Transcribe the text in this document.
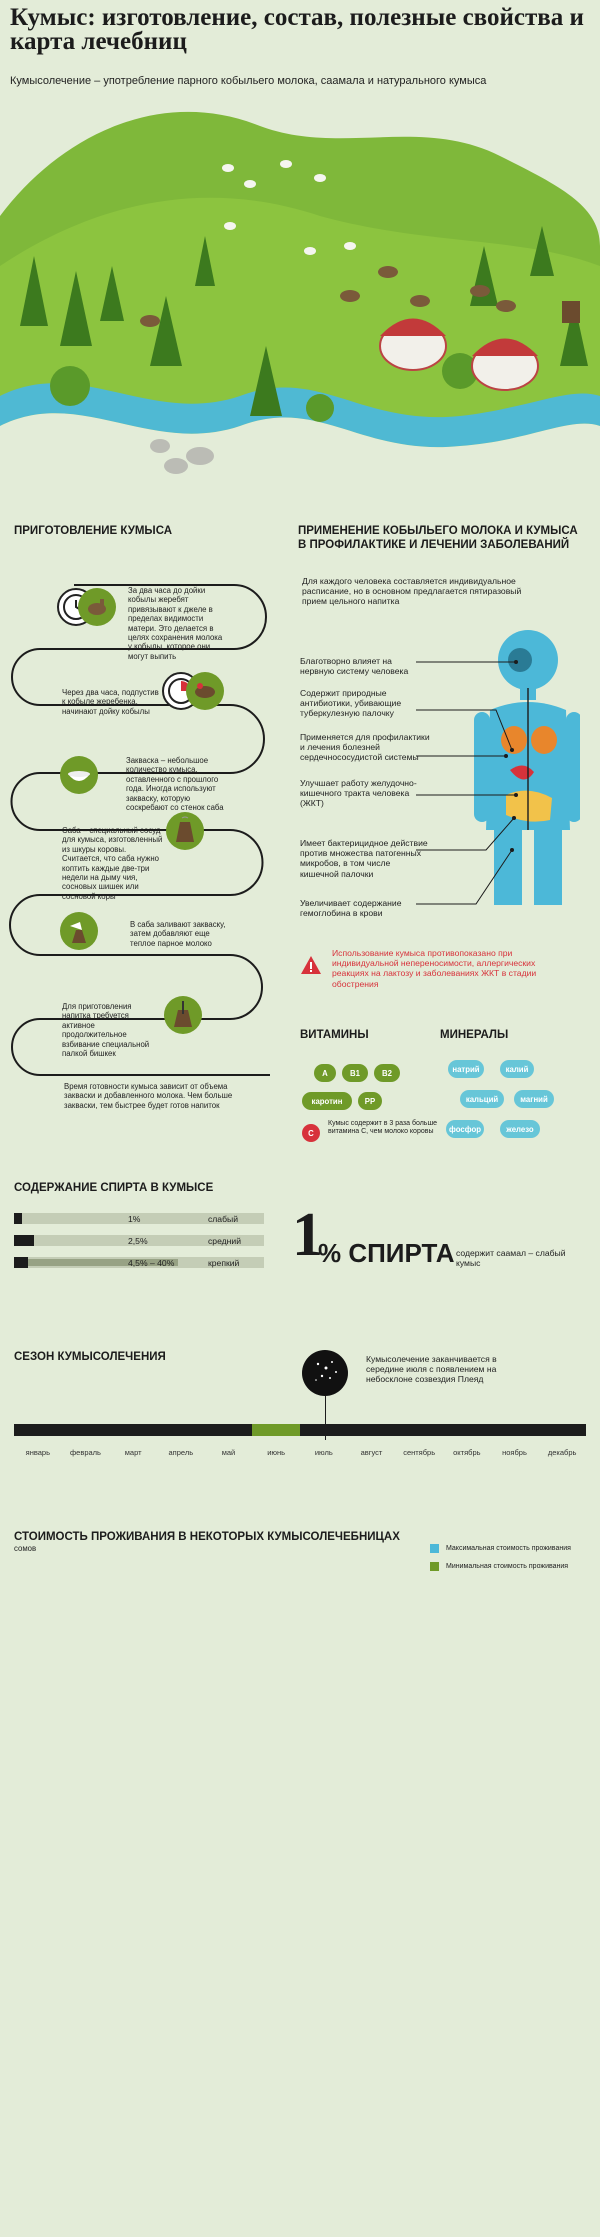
Кумыс: изготовление, состав, полезные свойства и карта лечебниц
Кумысолечение – употребление парного кобыльего молока, саамала и натурального кумыса
ПРИГОТОВЛЕНИЕ КУМЫСА
За два часа до дойки кобылы жеребят привязывают к джеле в пределах видимости матери. Это делается в целях сохранения молока у кобылы, которое они могут выпить
Через два часа, подпустив к кобыле жеребенка, начинают дойку кобылы
Закваска – небольшое количество кумыса, оставленного с прошлого года. Иногда используют закваску, которую соскребают со стенок саба
Саба – специальный сосуд для кумыса, изготовленный из шкуры коровы. Считается, что саба нужно коптить каждые две-три недели на дыму чия, сосновых шишек или сосновой коры
В саба заливают закваску, затем добавляют еще теплое парное молоко
Для приготовления напитка требуется активное продолжительное взбивание специальной палкой бишкек
Время готовности кумыса зависит от объема закваски и добавленного молока. Чем больше закваски, тем быстрее будет готов напиток
ПРИМЕНЕНИЕ КОБЫЛЬЕГО МОЛОКА И КУМЫСА В ПРОФИЛАКТИКЕ И ЛЕЧЕНИИ ЗАБОЛЕВАНИЙ
Для каждого человека составляется индивидуальное расписание, но в основном предлагается пятиразовый прием цельного напитка
Благотворно влияет на нервную систему человека
Содержит природные антибиотики, убивающие туберкулезную палочку
Применяется для профилактики и лечения болезней сердечнососудистой системы
Улучшает работу желудочно-кишечного тракта человека (ЖКТ)
Имеет бактерицидное действие против множества патогенных микробов, в том числе кишечной палочки
Увеличивает содержание гемоглобина в крови
Использование кумыса противопоказано при индивидуальной непереносимости, аллергических реакциях на лактозу и заболеваниях ЖКТ в стадии обострения
ВИТАМИНЫ	МИНЕРАЛЫ
A	B1	B2
каротин	PP
C
Кумыс содержит в 3 раза больше витамина С, чем молоко коровы
натрий	калий
кальций	магний
фосфор	железо
СОДЕРЖАНИЕ СПИРТА В КУМЫСЕ
1%	слабый
2,5%	средний
4,5% – 40%	крепкий 1
% СПИРТА содержит саамал – слабый кумыс
СЕЗОН КУМЫСОЛЕЧЕНИЯ	Кумысолечение заканчивается в середине июля с появлением на небосклоне созвездия Плеяд
январь	февраль	март	апрель	май	июнь	июль	август	сентябрь	октябрь	ноябрь	декабрь
СТОИМОСТЬ ПРОЖИВАНИЯ В НЕКОТОРЫХ КУМЫСОЛЕЧЕБНИЦАХ
сомов	Максимальная стоимость проживания
Минимальная стоимость проживания
